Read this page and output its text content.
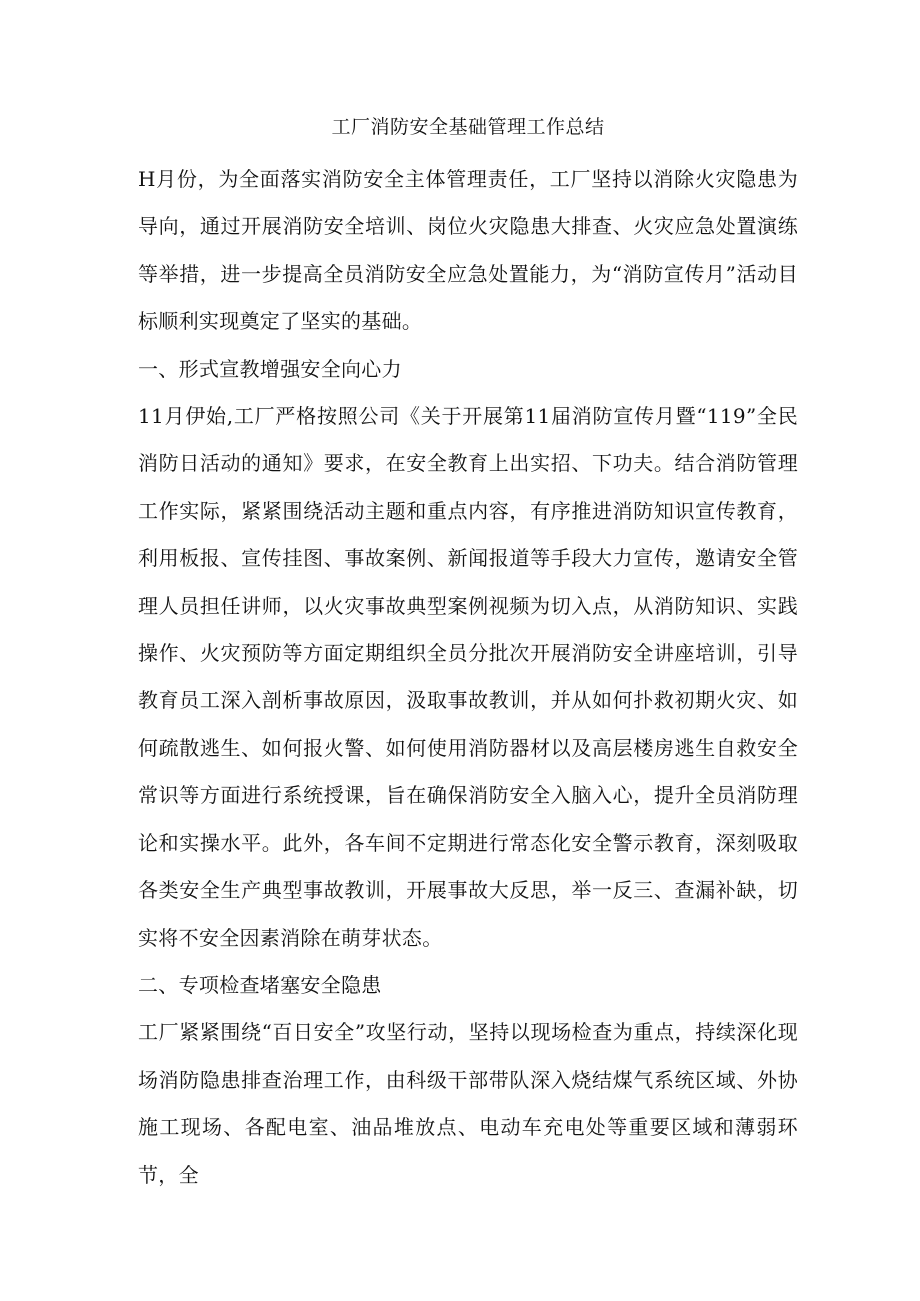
工厂消防安全基础管理工作总结

H月份，为全面落实消防安全主体管理责任，工厂坚持以消除火灾隐患为导向，通过开展消防安全培训、岗位火灾隐患大排查、火灾应急处置演练等举措，进一步提高全员消防安全应急处置能力，为“消防宣传月”活动目标顺利实现奠定了坚实的基础。

一、形式宣教增强安全向心力

11月伊始,工厂严格按照公司《关于开展第11届消防宣传月暨“119”全民消防日活动的通知》要求，在安全教育上出实招、下功夫。结合消防管理工作实际，紧紧围绕活动主题和重点内容，有序推进消防知识宣传教育，利用板报、宣传挂图、事故案例、新闻报道等手段大力宣传，邀请安全管理人员担任讲师，以火灾事故典型案例视频为切入点，从消防知识、实践操作、火灾预防等方面定期组织全员分批次开展消防安全讲座培训，引导教育员工深入剖析事故原因，汲取事故教训，并从如何扑救初期火灾、如何疏散逃生、如何报火警、如何使用消防器材以及高层楼房逃生自救安全常识等方面进行系统授课，旨在确保消防安全入脑入心，提升全员消防理论和实操水平。此外，各车间不定期进行常态化安全警示教育，深刻吸取各类安全生产典型事故教训，开展事故大反思，举一反三、查漏补缺，切实将不安全因素消除在萌芽状态。

二、专项检查堵塞安全隐患

工厂紧紧围绕“百日安全”攻坚行动，坚持以现场检查为重点，持续深化现场消防隐患排查治理工作，由科级干部带队深入烧结煤气系统区域、外协施工现场、各配电室、油品堆放点、电动车充电处等重要区域和薄弱环节，全
